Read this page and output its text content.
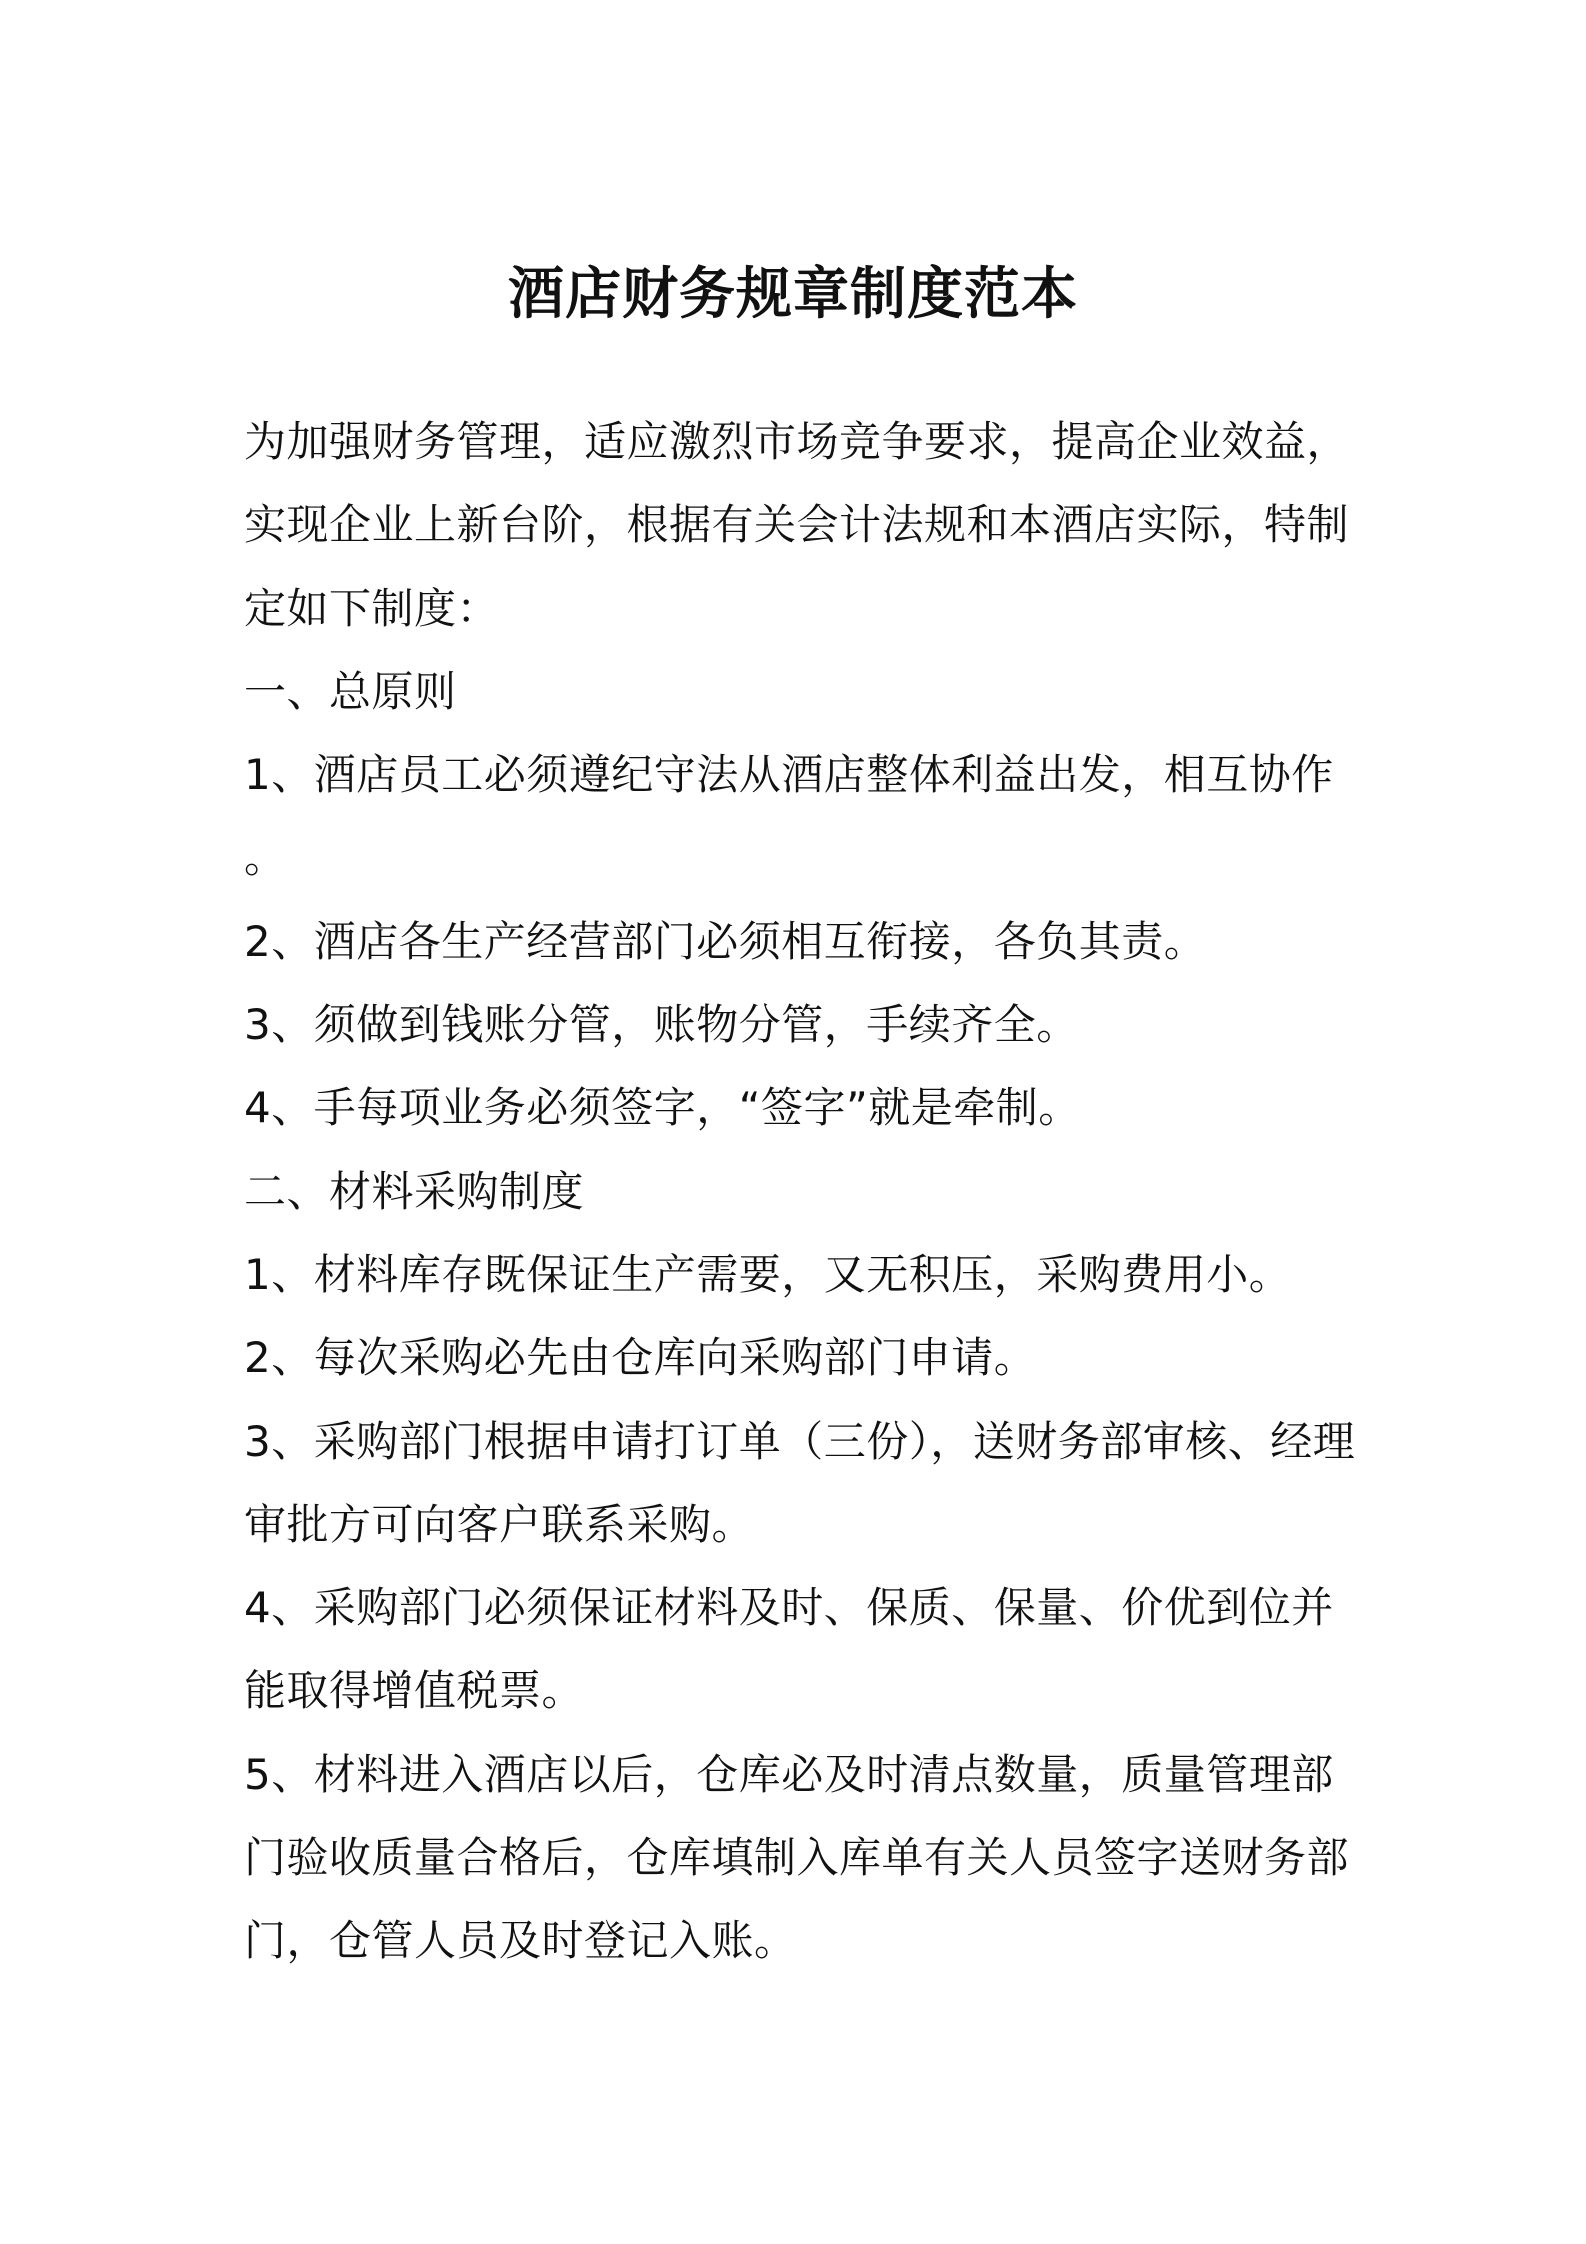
酒店财务规章制度范本
为加强财务管理，适应激烈市场竞争要求，提高企业效益，
实现企业上新台阶，根据有关会计法规和本酒店实际，特制
定如下制度：
一、总原则
1、酒店员工必须遵纪守法从酒店整体利益出发，相互协作
。
2、酒店各生产经营部门必须相互衔接，各负其责。
3、须做到钱账分管，账物分管，手续齐全。
4、手每项业务必须签字，“签字”就是牵制。
二、材料采购制度
1、材料库存既保证生产需要，又无积压，采购费用小。
2、每次采购必先由仓库向采购部门申请。
3、采购部门根据申请打订单（三份），送财务部审核、经理
审批方可向客户联系采购。
4、采购部门必须保证材料及时、保质、保量、价优到位并
能取得增值税票。
5、材料进入酒店以后，仓库必及时清点数量，质量管理部
门验收质量合格后，仓库填制入库单有关人员签字送财务部
门，仓管人员及时登记入账。
